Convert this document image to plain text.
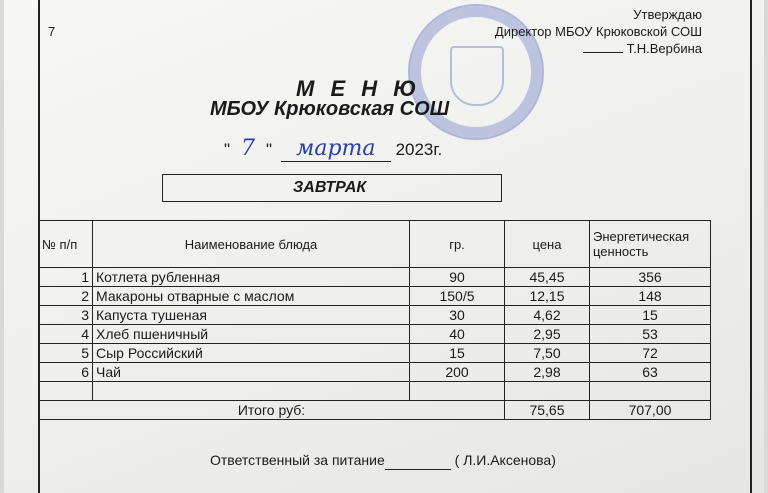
7
Утверждаю
Директор МБОУ Крюковской СОШ
Т.Н.Вербина
М Е Н Ю
МБОУ Крюковская СОШ
" 7 " марта 2023г.
ЗАВТРАК
№ п/п	Наименование блюда	гр.	цена	Энергетическая ценность
1	Котлета рубленная	90	45,45	356
2	Макароны отварные с маслом	150/5	12,15	148
3	Капуста тушеная	30	4,62	15
4	Хлеб пшеничный	40	2,95	53
5	Сыр Российский	15	7,50	72
6	Чай	200	2,98	63

Итого руб:			75,65	707,00
Ответственный за питание	( Л.И.Аксенова)
